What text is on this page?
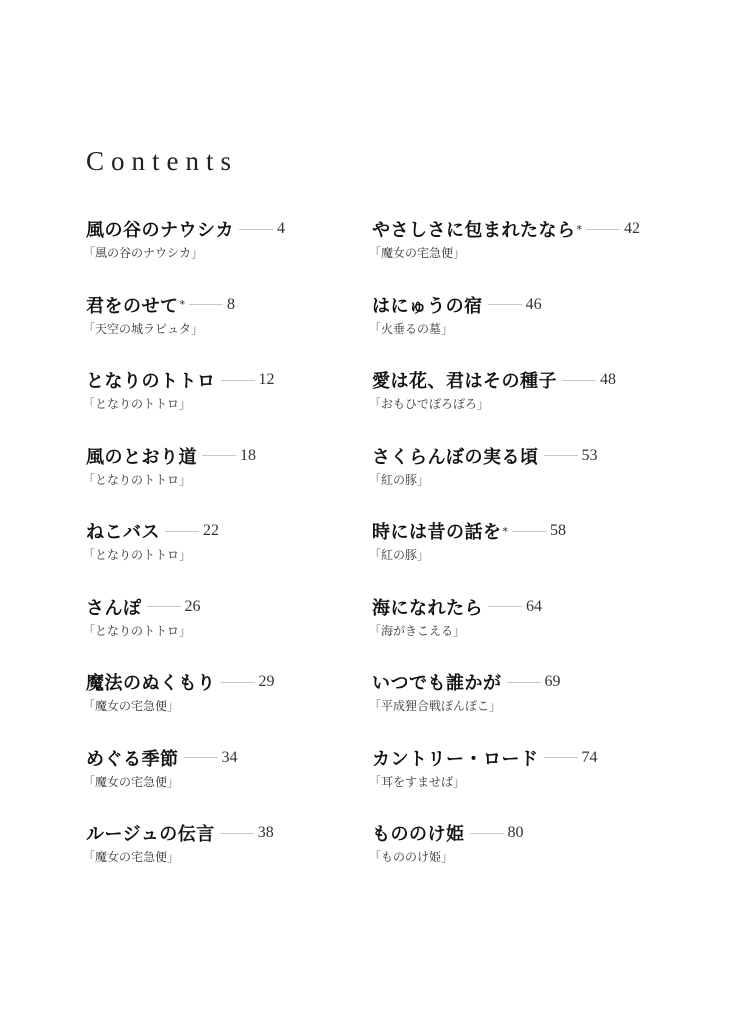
Contents
風の谷のナウシカ	4
「風の谷のナウシカ」
君をのせて *	8
「天空の城ラピュタ」
となりのトトロ	12
「となりのトトロ」
風のとおり道	18
「となりのトトロ」
ねこバス	22
「となりのトトロ」
さんぽ	26
「となりのトトロ」
魔法のぬくもり	29
「魔女の宅急便」
めぐる季節	34
「魔女の宅急便」
ルージュの伝言	38
「魔女の宅急便」
やさしさに包まれたなら *	42
「魔女の宅急便」
はにゅうの宿	46
「火垂るの墓」
愛は花、君はその種子	48
「おもひでぽろぽろ」
さくらんぼの実る頃	53
「紅の豚」
時には昔の話を *	58
「紅の豚」
海になれたら	64
「海がきこえる」
いつでも誰かが	69
「平成狸合戦ぽんぽこ」
カントリー・ロード	74
「耳をすませば」
もののけ姫	80
「もののけ姫」
